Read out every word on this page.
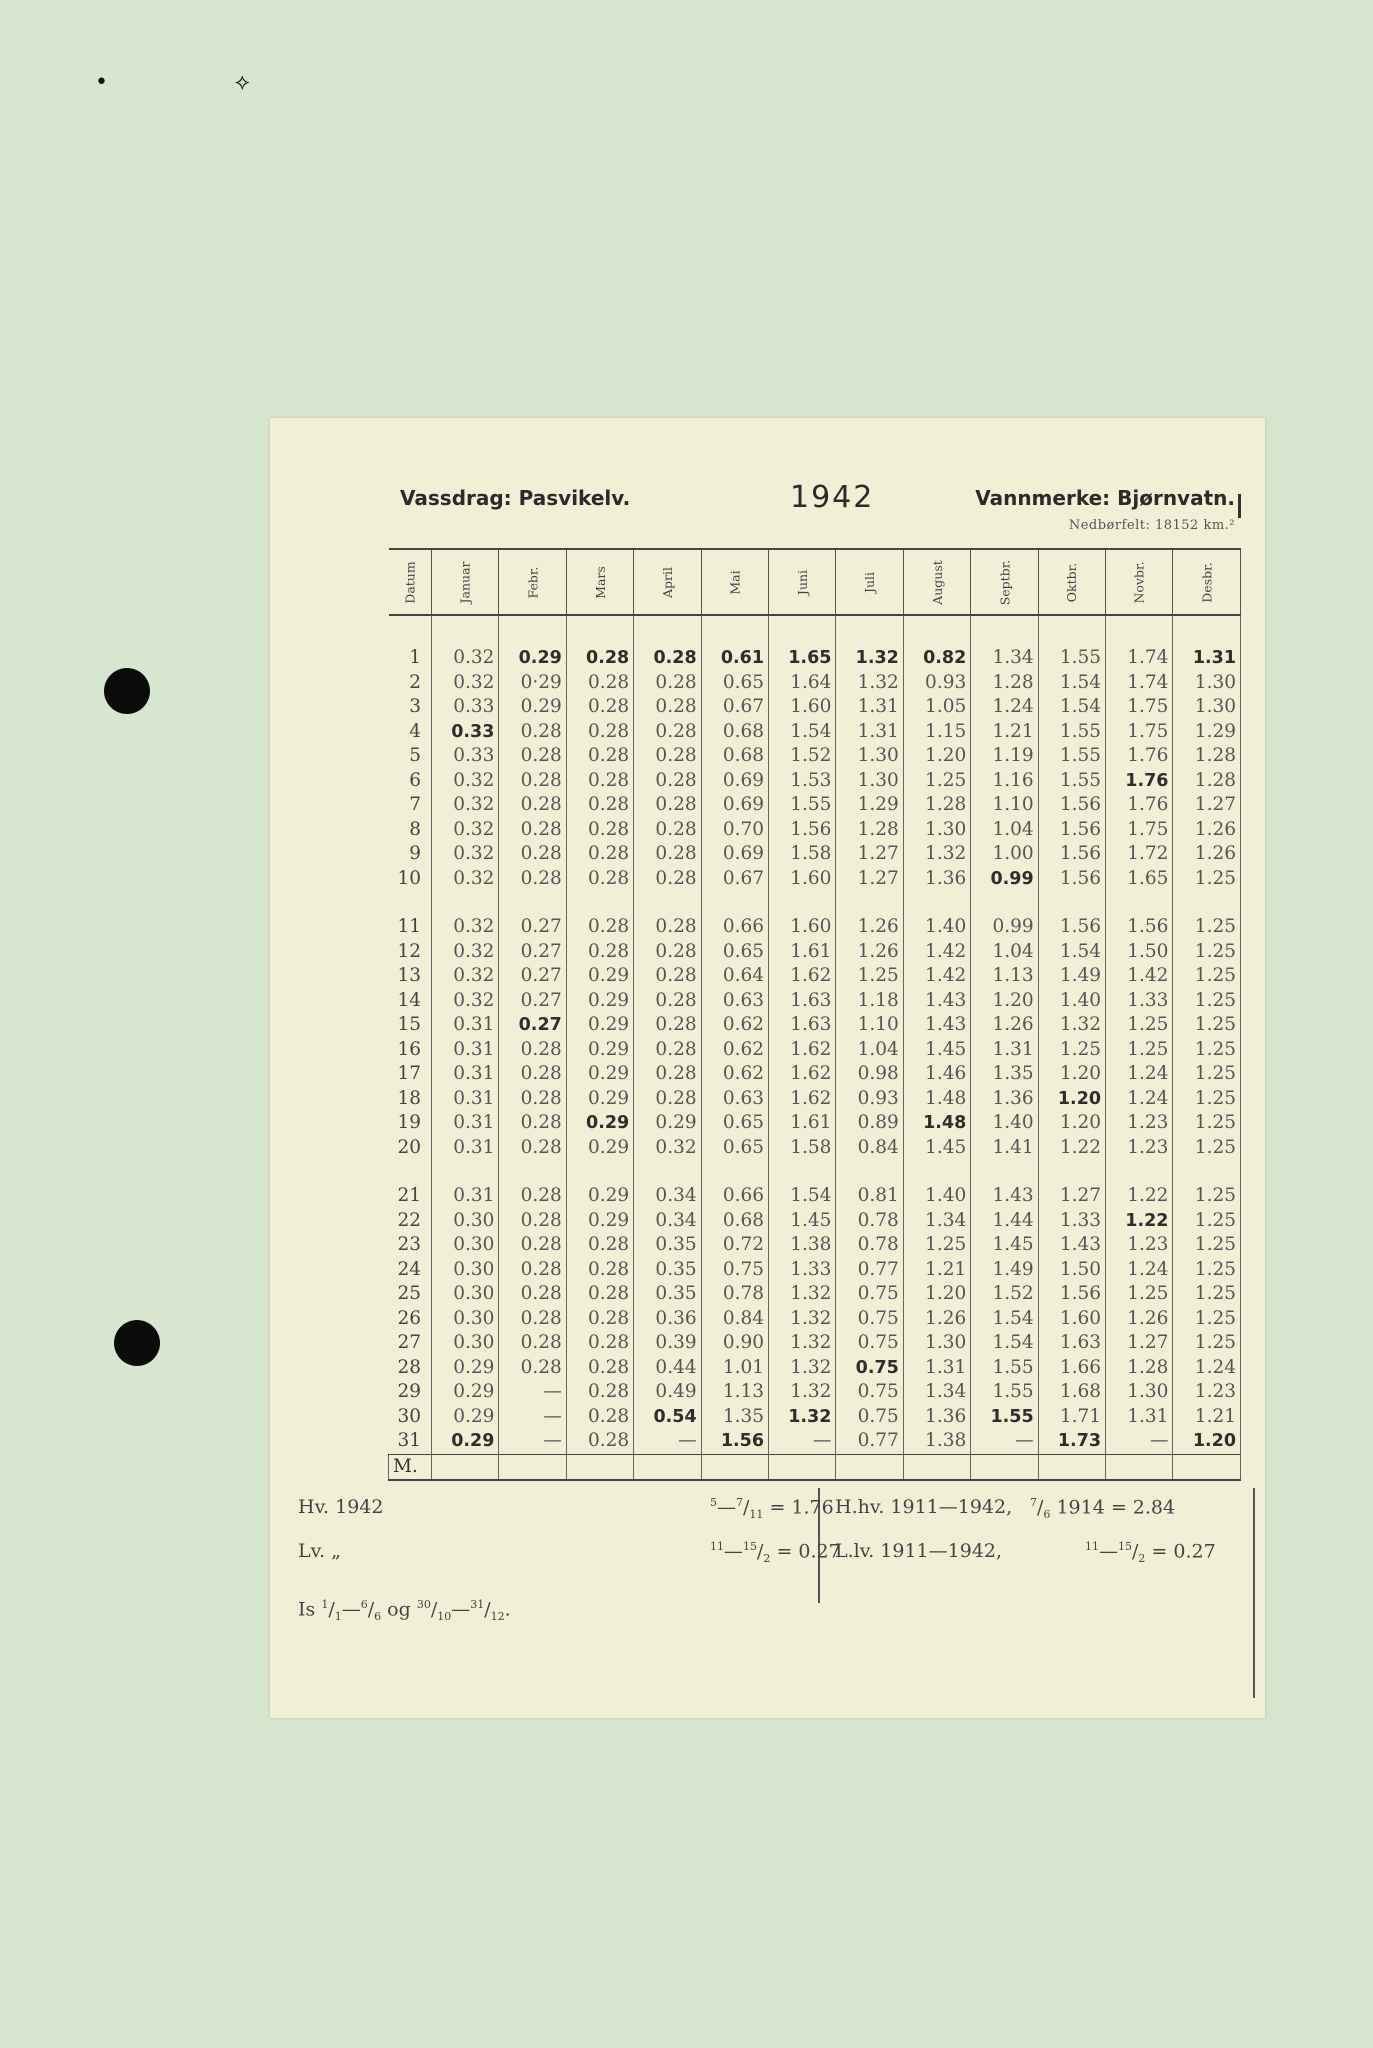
• ⟡
Vassdrag: Pasvikelv.	1942	Vannmerke: Bjørnvatn.
Nedbørfelt: 18152 km.²
Datum	Januar	Febr.	Mars	April	Mai	Juni	Juli	August	Septbr.	Oktbr.	Novbr.	Desbr.

1	0.32	0.29	0.28	0.28	0.61	1.65	1.32	0.82	1.34	1.55	1.74	1.31
2	0.32	0·29	0.28	0.28	0.65	1.64	1.32	0.93	1.28	1.54	1.74	1.30
3	0.33	0.29	0.28	0.28	0.67	1.60	1.31	1.05	1.24	1.54	1.75	1.30
4	0.33	0.28	0.28	0.28	0.68	1.54	1.31	1.15	1.21	1.55	1.75	1.29
5	0.33	0.28	0.28	0.28	0.68	1.52	1.30	1.20	1.19	1.55	1.76	1.28
6	0.32	0.28	0.28	0.28	0.69	1.53	1.30	1.25	1.16	1.55	1.76	1.28
7	0.32	0.28	0.28	0.28	0.69	1.55	1.29	1.28	1.10	1.56	1.76	1.27
8	0.32	0.28	0.28	0.28	0.70	1.56	1.28	1.30	1.04	1.56	1.75	1.26
9	0.32	0.28	0.28	0.28	0.69	1.58	1.27	1.32	1.00	1.56	1.72	1.26
10	0.32	0.28	0.28	0.28	0.67	1.60	1.27	1.36	0.99	1.56	1.65	1.25

11	0.32	0.27	0.28	0.28	0.66	1.60	1.26	1.40	0.99	1.56	1.56	1.25
12	0.32	0.27	0.28	0.28	0.65	1.61	1.26	1.42	1.04	1.54	1.50	1.25
13	0.32	0.27	0.29	0.28	0.64	1.62	1.25	1.42	1.13	1.49	1.42	1.25
14	0.32	0.27	0.29	0.28	0.63	1.63	1.18	1.43	1.20	1.40	1.33	1.25
15	0.31	0.27	0.29	0.28	0.62	1.63	1.10	1.43	1.26	1.32	1.25	1.25
16	0.31	0.28	0.29	0.28	0.62	1.62	1.04	1.45	1.31	1.25	1.25	1.25
17	0.31	0.28	0.29	0.28	0.62	1.62	0.98	1.46	1.35	1.20	1.24	1.25
18	0.31	0.28	0.29	0.28	0.63	1.62	0.93	1.48	1.36	1.20	1.24	1.25
19	0.31	0.28	0.29	0.29	0.65	1.61	0.89	1.48	1.40	1.20	1.23	1.25
20	0.31	0.28	0.29	0.32	0.65	1.58	0.84	1.45	1.41	1.22	1.23	1.25

21	0.31	0.28	0.29	0.34	0.66	1.54	0.81	1.40	1.43	1.27	1.22	1.25
22	0.30	0.28	0.29	0.34	0.68	1.45	0.78	1.34	1.44	1.33	1.22	1.25
23	0.30	0.28	0.28	0.35	0.72	1.38	0.78	1.25	1.45	1.43	1.23	1.25
24	0.30	0.28	0.28	0.35	0.75	1.33	0.77	1.21	1.49	1.50	1.24	1.25
25	0.30	0.28	0.28	0.35	0.78	1.32	0.75	1.20	1.52	1.56	1.25	1.25
26	0.30	0.28	0.28	0.36	0.84	1.32	0.75	1.26	1.54	1.60	1.26	1.25
27	0.30	0.28	0.28	0.39	0.90	1.32	0.75	1.30	1.54	1.63	1.27	1.25
28	0.29	0.28	0.28	0.44	1.01	1.32	0.75	1.31	1.55	1.66	1.28	1.24
29	0.29	—	0.28	0.49	1.13	1.32	0.75	1.34	1.55	1.68	1.30	1.23
30	0.29	—	0.28	0.54	1.35	1.32	0.75	1.36	1.55	1.71	1.31	1.21
31	0.29	—	0.28	—	1.56	—	0.77	1.38	—	1.73	—	1.20
M.												
Hv. 1942	$^5—^7/_{11} = 1.76$ H.hv. 1911—1942, $^7/_6$ 1914 = 2.84
Lv. „	$^{11}—^{15}/_2 = 0.27$
L.lv. 1911—1942,	$^{11}—^{15}/_2 = 0.27$
Is $^1/_1—^6/_6$ og $^{30}/_{10}—^{31}/_{12}$.
